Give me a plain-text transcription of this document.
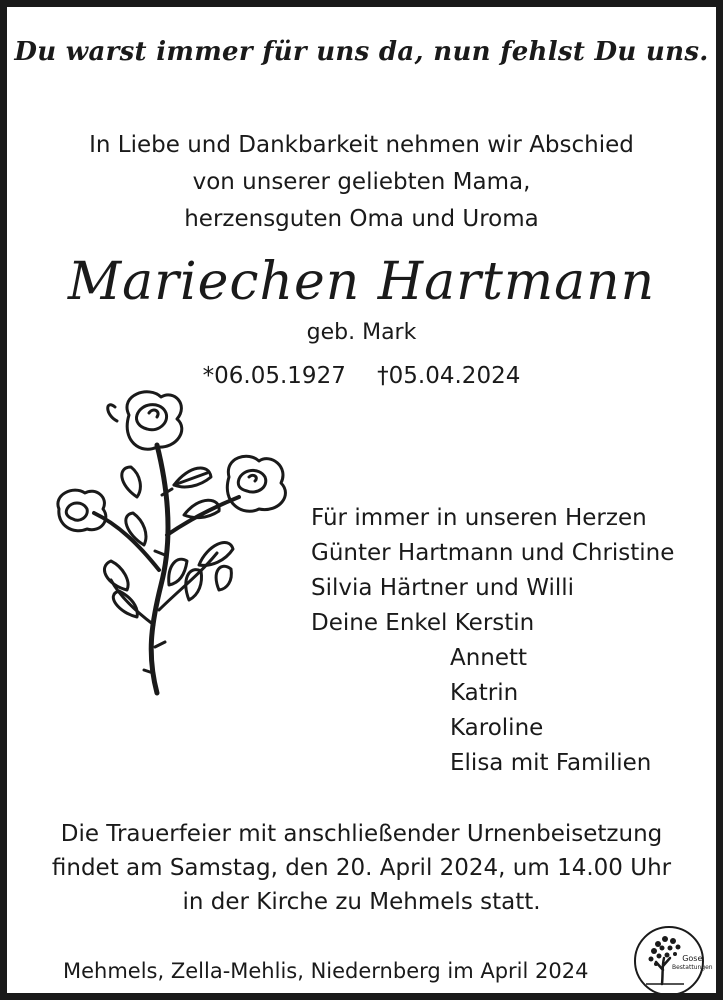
Du warst immer für uns da, nun fehlst Du uns.
In Liebe und Dankbarkeit nehmen wir Abschied
von unserer geliebten Mama,
herzensguten Oma und Uroma
Mariechen Hartmann
geb. Mark
*06.05.1927 †05.04.2024
Für immer in unseren Herzen
Günter Hartmann und Christine
Silvia Härtner und Willi
Deine Enkel Kerstin
Annett
Katrin
Karoline
Elisa mit Familien
Die Trauerfeier mit anschließender Urnenbeisetzung
findet am Samstag, den 20. April 2024, um 14.00 Uhr
in der Kirche zu Mehmels statt.
Mehmels, Zella-Mehlis, Niedernberg im April 2024
Gose
Bestattungen
